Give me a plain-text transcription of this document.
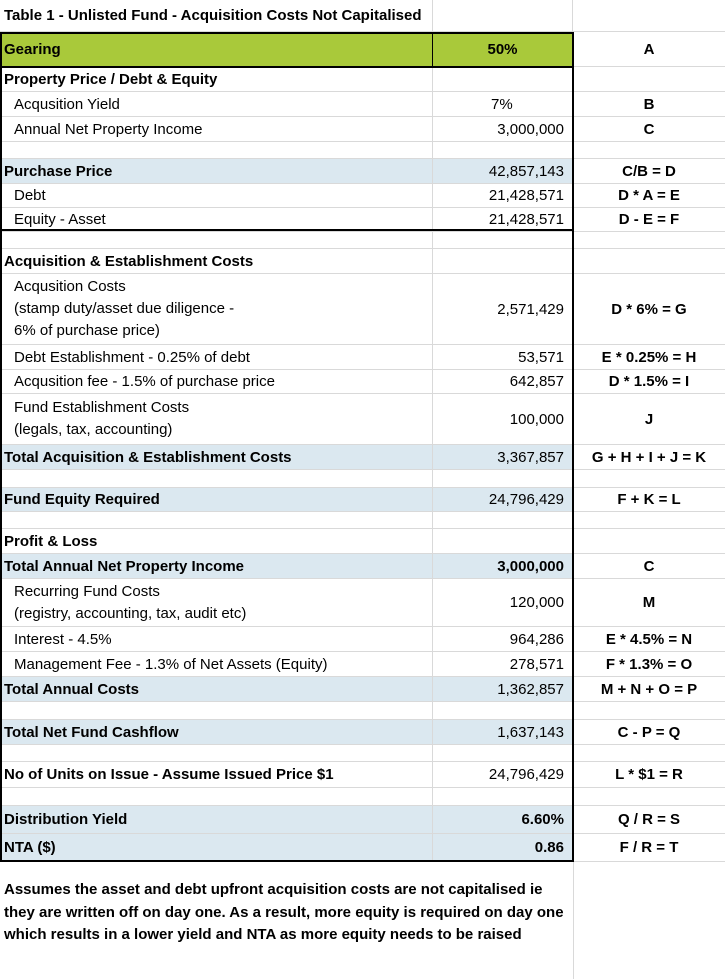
Table 1 - Unlisted Fund - Acquisition Costs Not Capitalised
Gearing	50%	A
Property Price / Debt & Equity
Acqusition Yield	7%	B
Annual Net Property Income	3,000,000	C
Purchase Price	42,857,143	C/B = D
Debt	21,428,571	D * A = E
Equity - Asset	21,428,571	D - E = F
Acquisition & Establishment Costs
Acqusition Costs
(stamp duty/asset due diligence -
6% of purchase price)
2,571,429	D * 6% = G
Debt Establishment - 0.25% of debt	53,571	E * 0.25% = H
Acqusition fee - 1.5% of purchase price	642,857	D * 1.5% = I
Fund Establishment Costs
(legals, tax, accounting)
100,000	J
Total Acquisition & Establishment Costs	3,367,857	G + H + I + J = K
Fund Equity Required	24,796,429	F + K = L
Profit & Loss
Total Annual Net Property Income	3,000,000	C
Recurring Fund Costs
(registry, accounting, tax, audit etc)
120,000	M
Interest - 4.5%	964,286	E * 4.5% = N
Management Fee - 1.3% of Net Assets (Equity)	278,571	F * 1.3% = O
Total Annual Costs	1,362,857	M + N + O = P
Total Net Fund Cashflow	1,637,143	C - P = Q
No of Units on Issue - Assume Issued Price $1	24,796,429	L * $1 = R
Distribution Yield	6.60%	Q / R = S
NTA ($)	0.86	F / R = T
Assumes the asset and debt upfront acquisition costs are not capitalised ie they are written off on day one. As a result, more equity is required on day one which results in a lower yield and NTA as more equity needs to be raised
